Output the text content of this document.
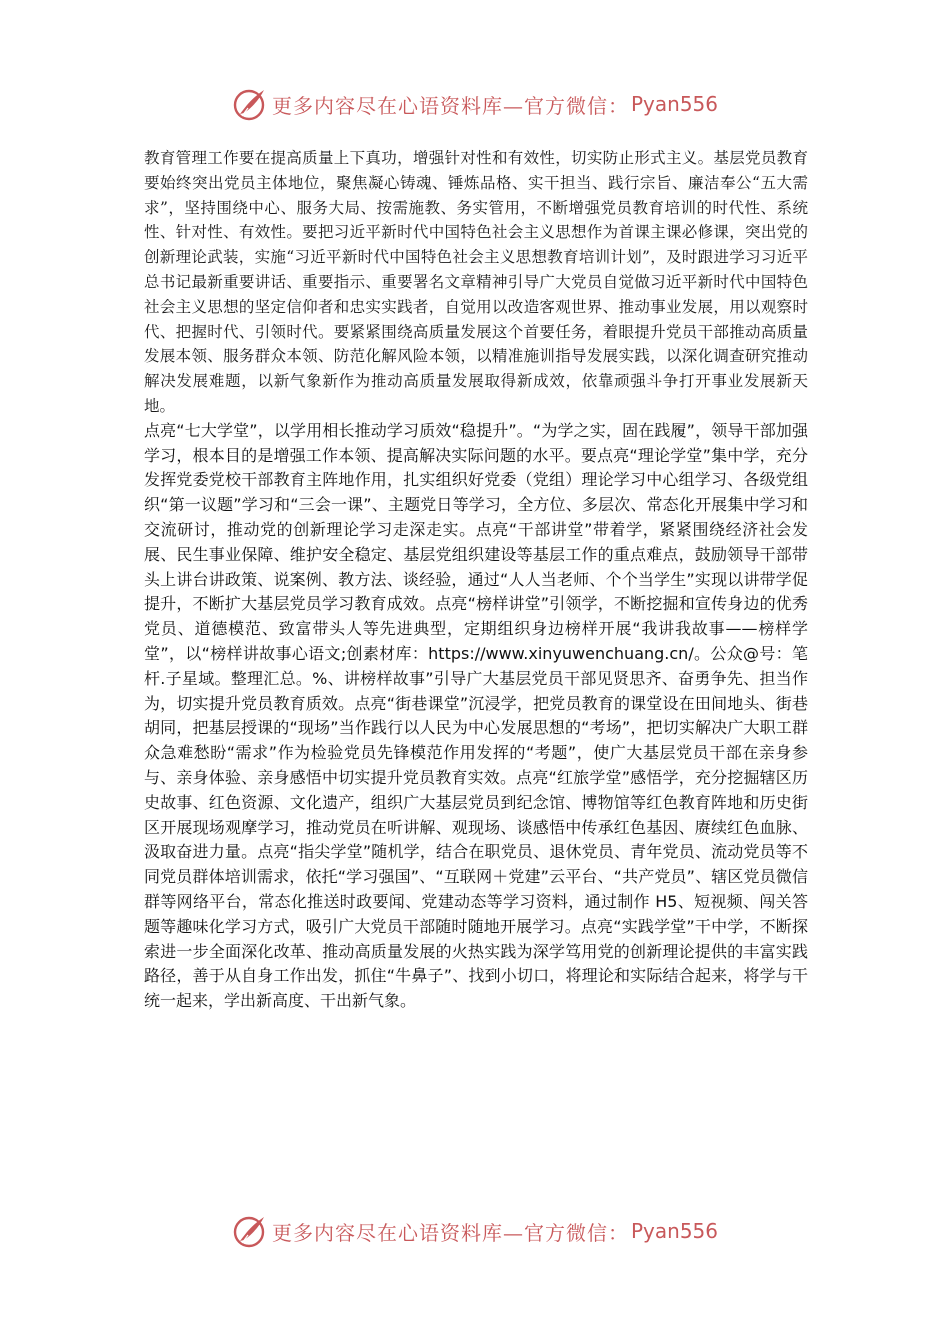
更多内容尽在心语资料库—官方微信： Pyan556

教育管理工作要在提高质量上下真功，增强针对性和有效性，切实防止形式主义。基层党员教育要始终突出党员主体地位，聚焦凝心铸魂、锤炼品格、实干担当、践行宗旨、廉洁奉公“五大需求”，坚持围绕中心、服务大局、按需施教、务实管用，不断增强党员教育培训的时代性、系统性、针对性、有效性。要把习近平新时代中国特色社会主义思想作为首课主课必修课，突出党的创新理论武装，实施“习近平新时代中国特色社会主义思想教育培训计划”，及时跟进学习习近平总书记最新重要讲话、重要指示、重要署名文章精神引导广大党员自觉做习近平新时代中国特色社会主义思想的坚定信仰者和忠实实践者，自觉用以改造客观世界、推动事业发展，用以观察时代、把握时代、引领时代。要紧紧围绕高质量发展这个首要任务，着眼提升党员干部推动高质量发展本领、服务群众本领、防范化解风险本领，以精准施训指导发展实践，以深化调查研究推动解决发展难题，以新气象新作为推动高质量发展取得新成效，依靠顽强斗争打开事业发展新天地。

点亮“七大学堂”，以学用相长推动学习质效“稳提升”。“为学之实，固在践履”，领导干部加强学习，根本目的是增强工作本领、提高解决实际问题的水平。要点亮“理论学堂”集中学，充分发挥党委党校干部教育主阵地作用，扎实组织好党委（党组）理论学习中心组学习、各级党组织“第一议题”学习和“三会一课”、主题党日等学习，全方位、多层次、常态化开展集中学习和交流研讨，推动党的创新理论学习走深走实。点亮“干部讲堂”带着学，紧紧围绕经济社会发展、民生事业保障、维护安全稳定、基层党组织建设等基层工作的重点难点，鼓励领导干部带头上讲台讲政策、说案例、教方法、谈经验，通过“人人当老师、个个当学生”实现以讲带学促提升，不断扩大基层党员学习教育成效。点亮“榜样讲堂”引领学，不断挖掘和宣传身边的优秀党员、道德模范、致富带头人等先进典型，定期组织身边榜样开展“我讲我故事——榜样学堂”，以“榜样讲故事心语文;创素材库：https://www.xinyuwenchuang.cn/。公众@号：笔杆.子星域。整理汇总。%、讲榜样故事”引导广大基层党员干部见贤思齐、奋勇争先、担当作为，切实提升党员教育质效。点亮“街巷课堂”沉浸学，把党员教育的课堂设在田间地头、街巷胡同，把基层授课的“现场”当作践行以人民为中心发展思想的“考场”，把切实解决广大职工群众急难愁盼“需求”作为检验党员先锋模范作用发挥的“考题”，使广大基层党员干部在亲身参与、亲身体验、亲身感悟中切实提升党员教育实效。点亮“红旅学堂”感悟学，充分挖掘辖区历史故事、红色资源、文化遗产，组织广大基层党员到纪念馆、博物馆等红色教育阵地和历史街区开展现场观摩学习，推动党员在听讲解、观现场、谈感悟中传承红色基因、赓续红色血脉、汲取奋进力量。点亮“指尖学堂”随机学，结合在职党员、退休党员、青年党员、流动党员等不同党员群体培训需求，依托“学习强国”、“互联网＋党建”云平台、“共产党员”、辖区党员微信群等网络平台，常态化推送时政要闻、党建动态等学习资料，通过制作 H5、短视频、闯关答题等趣味化学习方式，吸引广大党员干部随时随地开展学习。点亮“实践学堂”干中学，不断探索进一步全面深化改革、推动高质量发展的火热实践为深学笃用党的创新理论提供的丰富实践路径，善于从自身工作出发，抓住“牛鼻子”、找到小切口，将理论和实际结合起来，将学与干统一起来，学出新高度、干出新气象。

更多内容尽在心语资料库—官方微信： Pyan556
